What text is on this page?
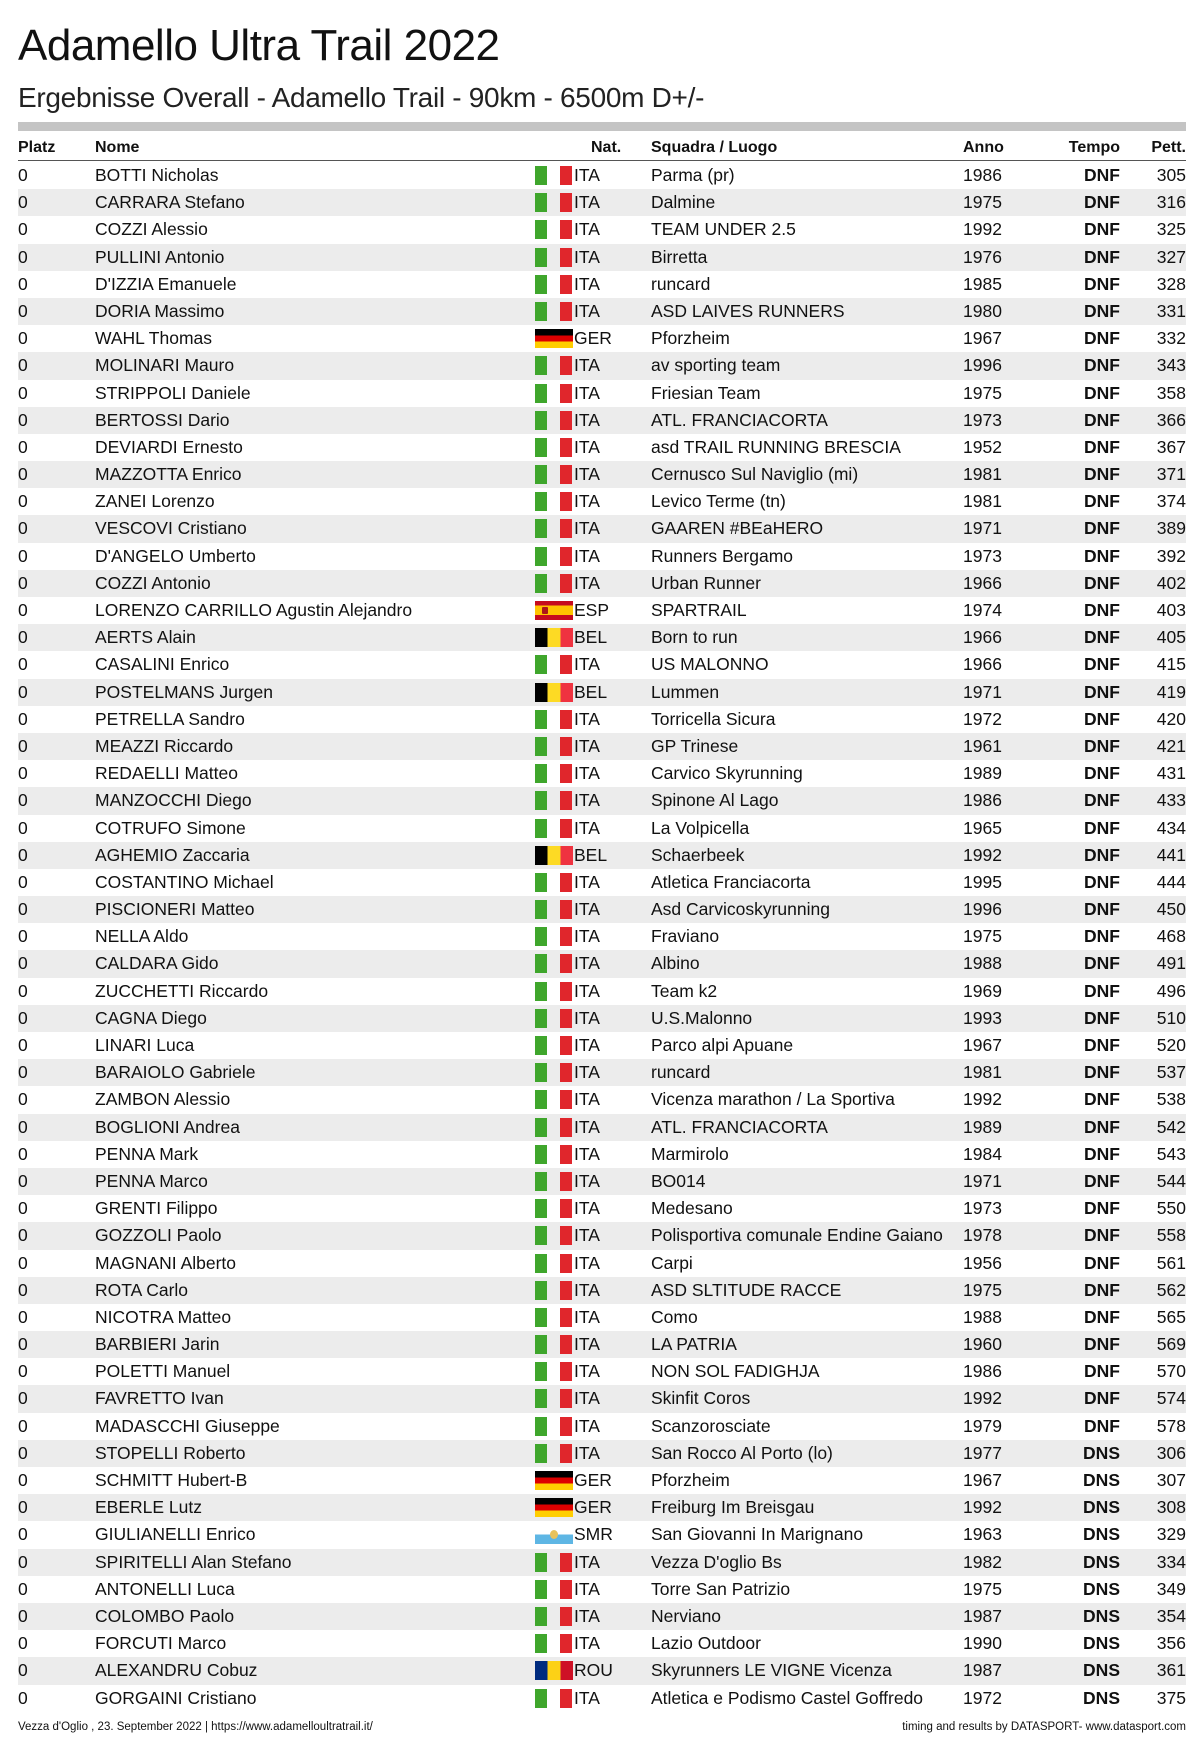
Adamello Ultra Trail 2022
Ergebnisse Overall - Adamello Trail - 90km - 6500m D+/-
Platz	Nome	Nat.	Squadra / Luogo	Anno	Tempo	Pett.
0	BOTTI Nicholas	ITA	Parma (pr)	1986	DNF	305
0	CARRARA Stefano	ITA	Dalmine	1975	DNF	316
0	COZZI Alessio	ITA	TEAM UNDER 2.5	1992	DNF	325
0	PULLINI Antonio	ITA	Birretta	1976	DNF	327
0	D'IZZIA Emanuele	ITA	runcard	1985	DNF	328
0	DORIA Massimo	ITA	ASD LAIVES RUNNERS	1980	DNF	331
0	WAHL Thomas	GER	Pforzheim	1967	DNF	332
0	MOLINARI Mauro	ITA	av sporting team	1996	DNF	343
0	STRIPPOLI Daniele	ITA	Friesian Team	1975	DNF	358
0	BERTOSSI Dario	ITA	ATL. FRANCIACORTA	1973	DNF	366
0	DEVIARDI Ernesto	ITA	asd TRAIL RUNNING BRESCIA	1952	DNF	367
0	MAZZOTTA Enrico	ITA	Cernusco Sul Naviglio (mi)	1981	DNF	371
0	ZANEI Lorenzo	ITA	Levico Terme (tn)	1981	DNF	374
0	VESCOVI Cristiano	ITA	GAAREN #BEaHERO	1971	DNF	389
0	D'ANGELO Umberto	ITA	Runners Bergamo	1973	DNF	392
0	COZZI Antonio	ITA	Urban Runner	1966	DNF	402
0	LORENZO CARRILLO Agustin Alejandro	ESP	SPARTRAIL	1974	DNF	403
0	AERTS Alain	BEL	Born to run	1966	DNF	405
0	CASALINI Enrico	ITA	US MALONNO	1966	DNF	415
0	POSTELMANS Jurgen	BEL	Lummen	1971	DNF	419
0	PETRELLA Sandro	ITA	Torricella Sicura	1972	DNF	420
0	MEAZZI Riccardo	ITA	GP Trinese	1961	DNF	421
0	REDAELLI Matteo	ITA	Carvico Skyrunning	1989	DNF	431
0	MANZOCCHI Diego	ITA	Spinone Al Lago	1986	DNF	433
0	COTRUFO Simone	ITA	La Volpicella	1965	DNF	434
0	AGHEMIO Zaccaria	BEL	Schaerbeek	1992	DNF	441
0	COSTANTINO Michael	ITA	Atletica Franciacorta	1995	DNF	444
0	PISCIONERI Matteo	ITA	Asd Carvicoskyrunning	1996	DNF	450
0	NELLA Aldo	ITA	Fraviano	1975	DNF	468
0	CALDARA Gido	ITA	Albino	1988	DNF	491
0	ZUCCHETTI Riccardo	ITA	Team k2	1969	DNF	496
0	CAGNA Diego	ITA	U.S.Malonno	1993	DNF	510
0	LINARI Luca	ITA	Parco alpi Apuane	1967	DNF	520
0	BARAIOLO Gabriele	ITA	runcard	1981	DNF	537
0	ZAMBON Alessio	ITA	Vicenza marathon / La Sportiva	1992	DNF	538
0	BOGLIONI Andrea	ITA	ATL. FRANCIACORTA	1989	DNF	542
0	PENNA Mark	ITA	Marmirolo	1984	DNF	543
0	PENNA Marco	ITA	BO014	1971	DNF	544
0	GRENTI Filippo	ITA	Medesano	1973	DNF	550
0	GOZZOLI Paolo	ITA	Polisportiva comunale Endine Gaiano	1978	DNF	558
0	MAGNANI Alberto	ITA	Carpi	1956	DNF	561
0	ROTA Carlo	ITA	ASD SLTITUDE RACCE	1975	DNF	562
0	NICOTRA Matteo	ITA	Como	1988	DNF	565
0	BARBIERI Jarin	ITA	LA PATRIA	1960	DNF	569
0	POLETTI Manuel	ITA	NON SOL FADIGHJA	1986	DNF	570
0	FAVRETTO Ivan	ITA	Skinfit Coros	1992	DNF	574
0	MADASCCHI Giuseppe	ITA	Scanzorosciate	1979	DNF	578
0	STOPELLI Roberto	ITA	San Rocco Al Porto (lo)	1977	DNS	306
0	SCHMITT Hubert-B	GER	Pforzheim	1967	DNS	307
0	EBERLE Lutz	GER	Freiburg Im Breisgau	1992	DNS	308
0	GIULIANELLI Enrico	SMR	San Giovanni In Marignano	1963	DNS	329
0	SPIRITELLI Alan Stefano	ITA	Vezza D'oglio Bs	1982	DNS	334
0	ANTONELLI Luca	ITA	Torre San Patrizio	1975	DNS	349
0	COLOMBO Paolo	ITA	Nerviano	1987	DNS	354
0	FORCUTI Marco	ITA	Lazio Outdoor	1990	DNS	356
0	ALEXANDRU Cobuz	ROU	Skyrunners LE VIGNE Vicenza	1987	DNS	361
0	GORGAINI Cristiano	ITA	Atletica e Podismo Castel Goffredo	1972	DNS	375
Vezza d'Oglio , 23. September 2022 | https://www.adamelloultratrail.it/	timing and results by DATASPORT- www.datasport.com
